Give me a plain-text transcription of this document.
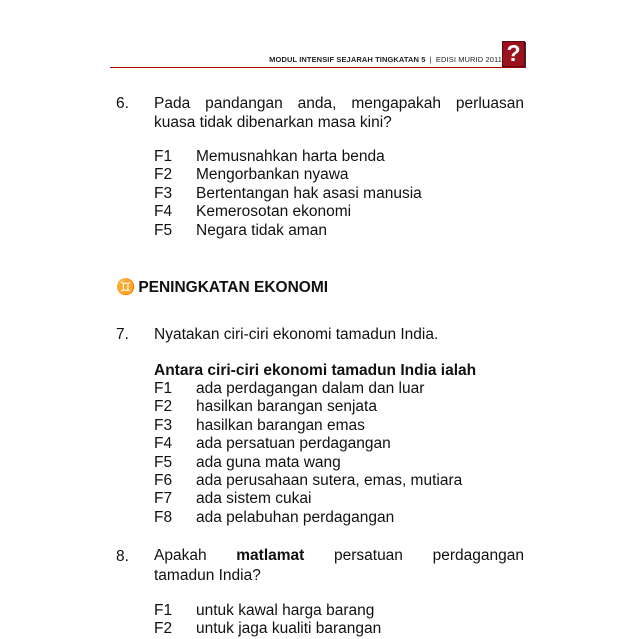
MODUL INTENSIF SEJARAH TINGKATAN 5 | EDISI MURID 2011 ?
6. Pada pandangan anda, mengapakah perluasan
kuasa tidak dibenarkan masa kini?
F1 Memusnahkan harta benda
F2 Mengorbankan nyawa
F3 Bertentangan hak asasi manusia
F4 Kemerosotan ekonomi
F5 Negara tidak aman
♊ PENINGKATAN EKONOMI
7. Nyatakan ciri-ciri ekonomi tamadun India.
Antara ciri-ciri ekonomi tamadun India ialah
F1 ada perdagangan dalam dan luar
F2 hasilkan barangan senjata
F3 hasilkan barangan emas
F4 ada persatuan perdagangan
F5 ada guna mata wang
F6 ada perusahaan sutera, emas, mutiara
F7 ada sistem cukai
F8 ada pelabuhan perdagangan
8. Apakah matlamat persatuan perdagangan
tamadun India?
F1 untuk kawal harga barang
F2 untuk jaga kualiti barangan
